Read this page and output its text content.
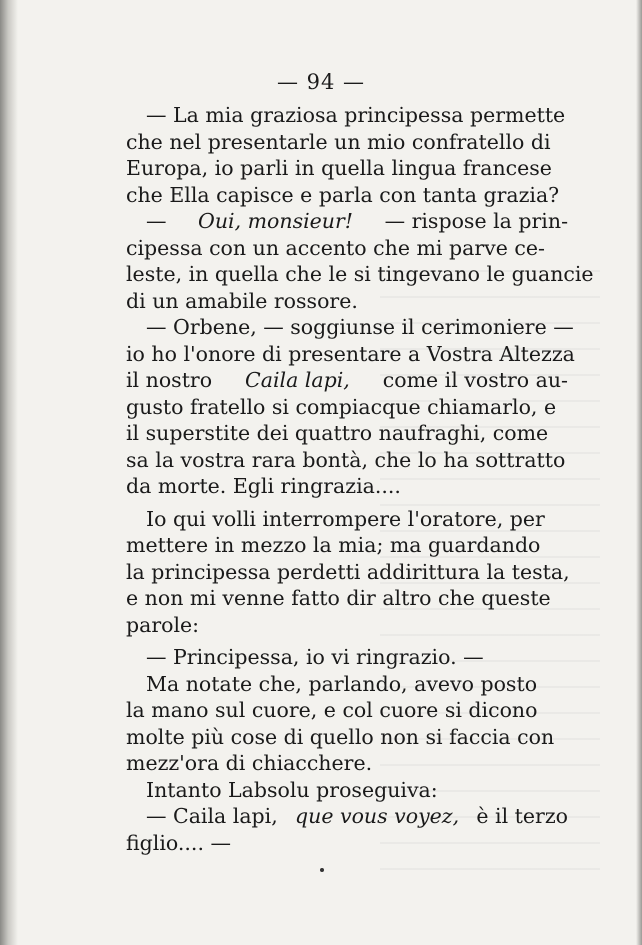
— 94 —
— La mia graziosa principessa permette
che nel presentarle un mio confratello di
Europa, io parli in quella lingua francese
che Ella capisce e parla con tanta grazia?
— Oui, monsieur! — rispose la prin-
cipessa con un accento che mi parve ce-
leste, in quella che le si tingevano le guancie
di un amabile rossore.
— Orbene, — soggiunse il cerimoniere —
io ho l'onore di presentare a Vostra Altezza
il nostro Caila lapi, come il vostro au-
gusto fratello si compiacque chiamarlo, e
il superstite dei quattro naufraghi, come
sa la vostra rara bontà, che lo ha sottratto
da morte. Egli ringrazia....
Io qui volli interrompere l'oratore, per
mettere in mezzo la mia; ma guardando
la principessa perdetti addirittura la testa,
e non mi venne fatto dir altro che queste
parole:
— Principessa, io vi ringrazio. —
Ma notate che, parlando, avevo posto
la mano sul cuore, e col cuore si dicono
molte più cose di quello non si faccia con
mezz'ora di chiacchere.
Intanto Labsolu proseguiva:
— Caila lapi, que vous voyez, è il terzo
figlio.... —
